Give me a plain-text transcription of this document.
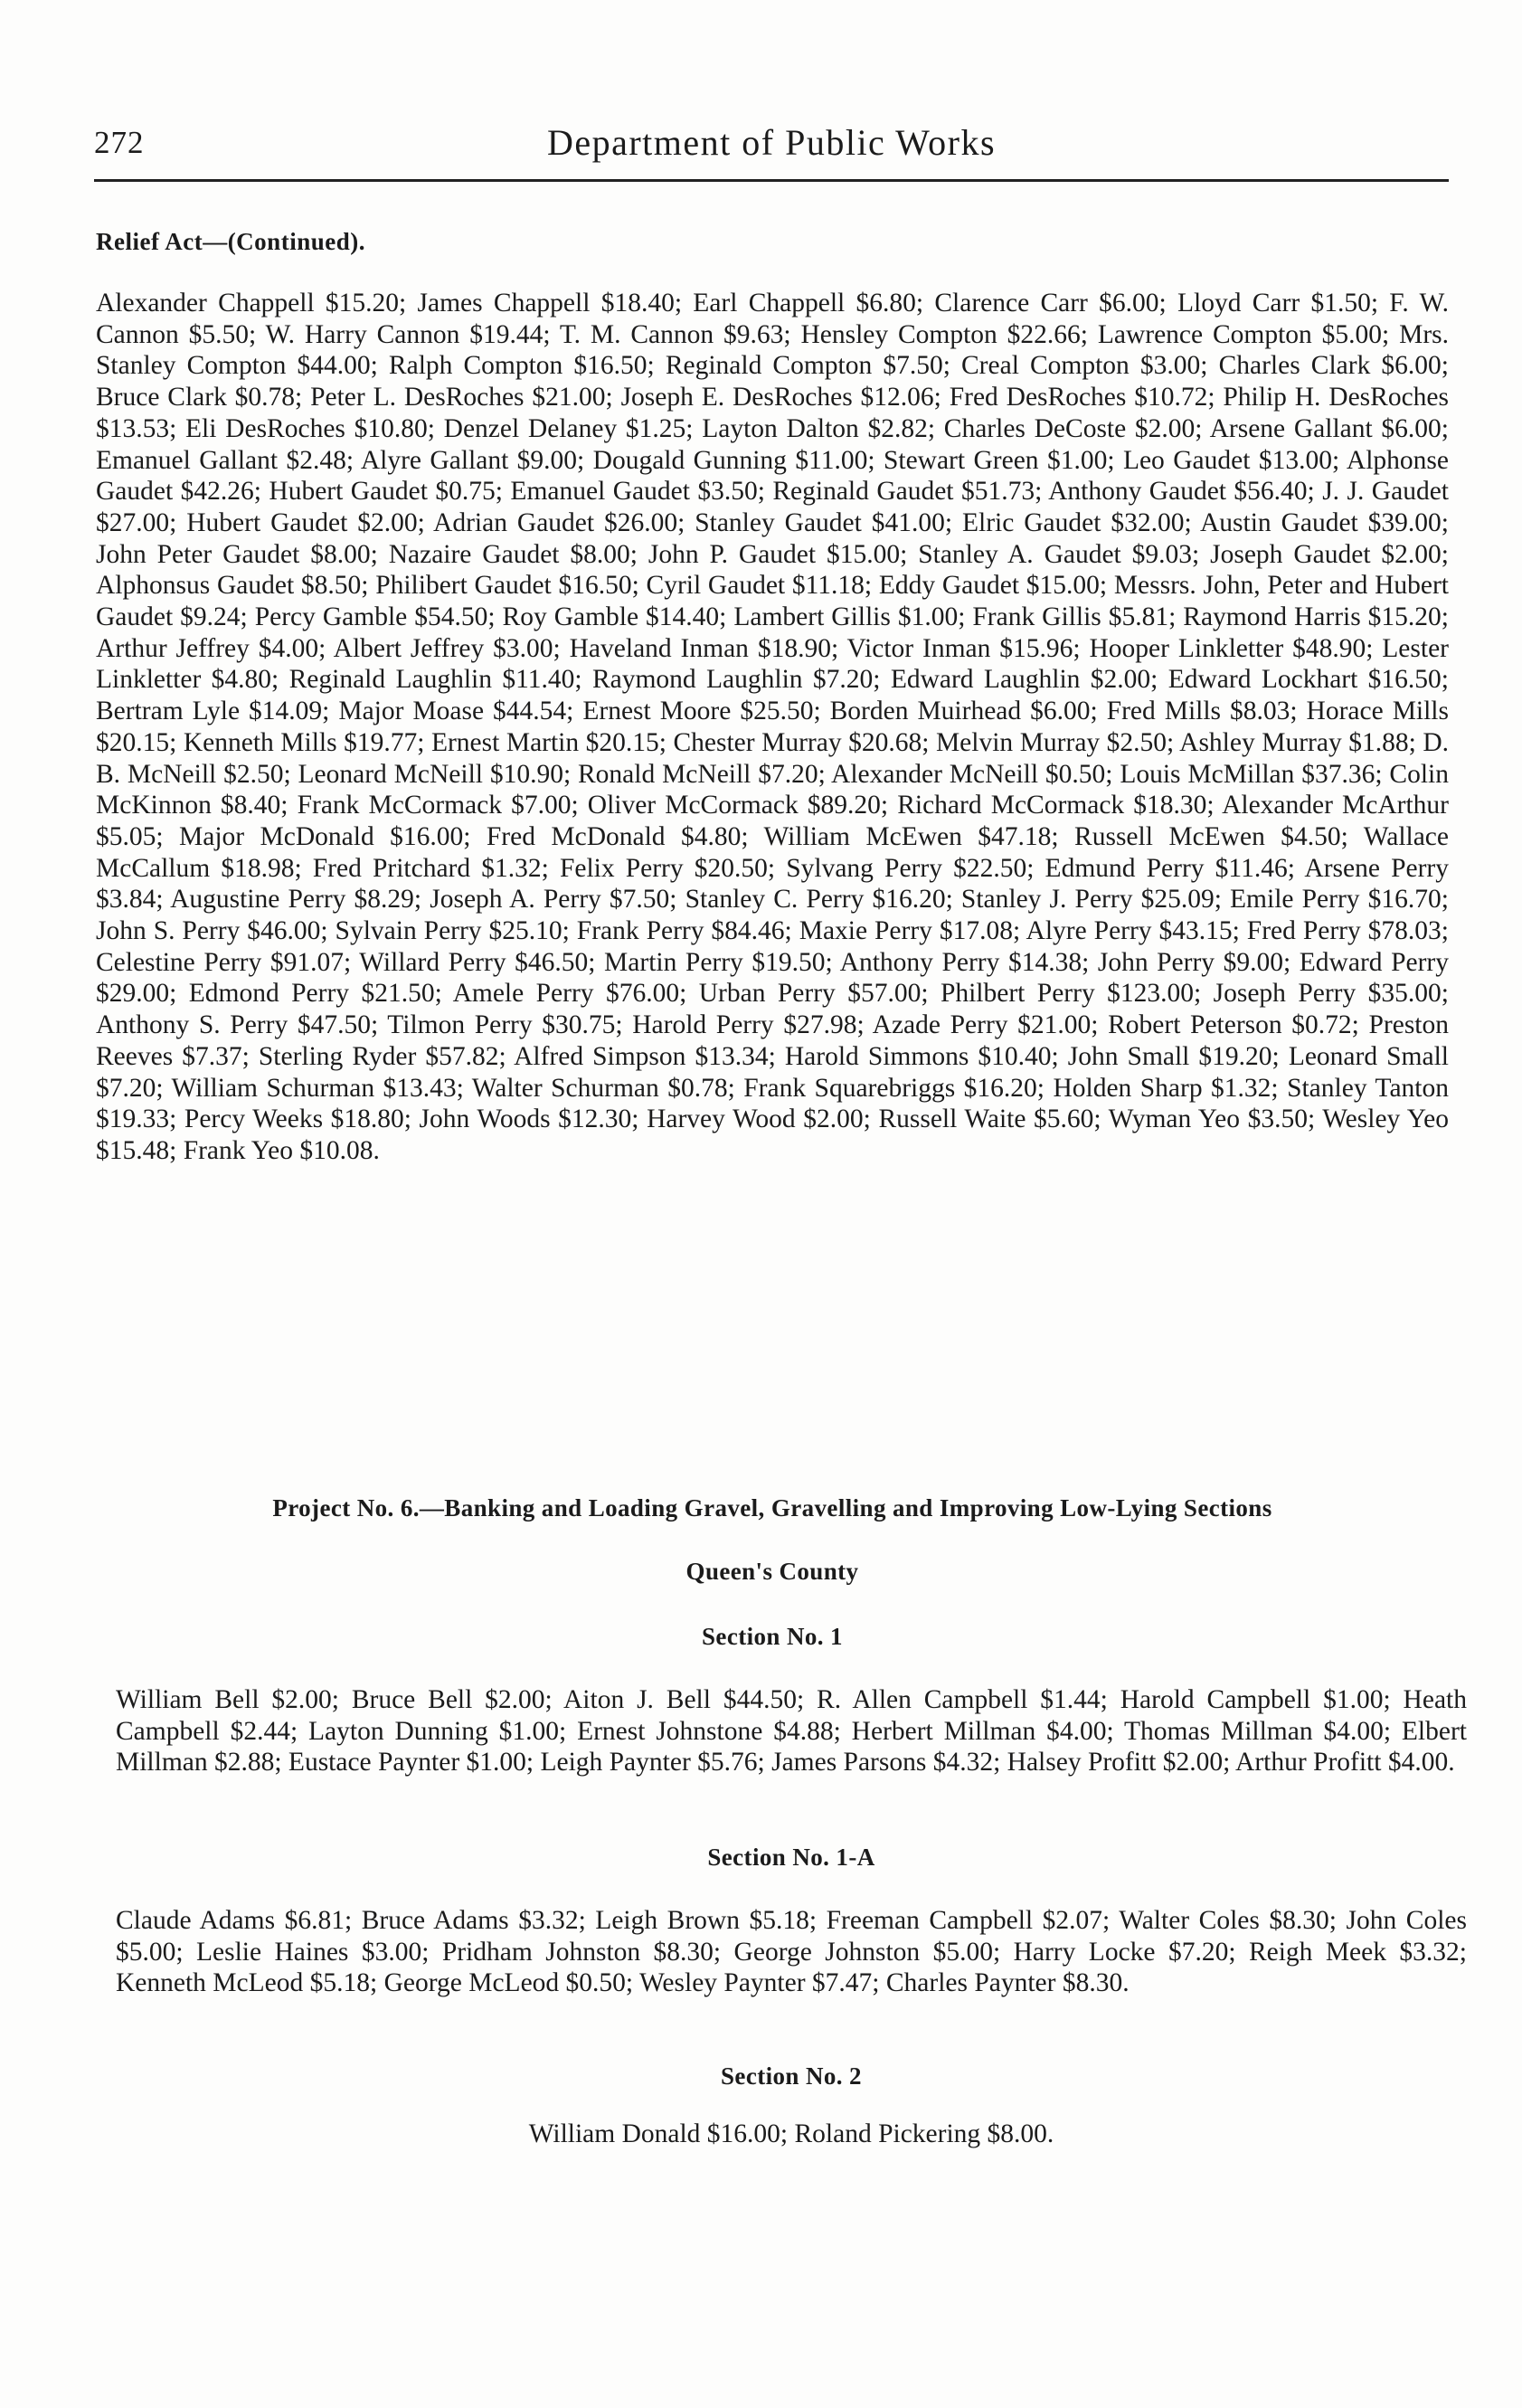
272	Department of Public Works
Relief Act—(Continued).

Alexander Chappell $15.20; James Chappell $18.40; Earl Chappell $6.80; Clarence Carr $6.00; Lloyd Carr $1.50; F. W. Cannon $5.50; W. Harry Cannon $19.44; T. M. Cannon $9.63; Hensley Compton $22.66; Lawrence Compton $5.00; Mrs. Stanley Compton $44.00; Ralph Compton $16.50; Reginald Compton $7.50; Creal Compton $3.00; Charles Clark $6.00; Bruce Clark $0.78; Peter L. DesRoches $21.00; Joseph E. DesRoches $12.06; Fred DesRoches $10.72; Philip H. DesRoches $13.53; Eli DesRoches $10.80; Denzel Delaney $1.25; Layton Dalton $2.82; Charles DeCoste $2.00; Arsene Gallant $6.00; Emanuel Gallant $2.48; Alyre Gallant $9.00; Dougald Gunning $11.00; Stewart Green $1.00; Leo Gaudet $13.00; Alphonse Gaudet $42.26; Hubert Gaudet $0.75; Emanuel Gaudet $3.50; Reginald Gaudet $51.73; Anthony Gaudet $56.40; J. J. Gaudet $27.00; Hubert Gaudet $2.00; Adrian Gaudet $26.00; Stanley Gaudet $41.00; Elric Gaudet $32.00; Austin Gaudet $39.00; John Peter Gaudet $8.00; Nazaire Gaudet $8.00; John P. Gaudet $15.00; Stanley A. Gaudet $9.03; Joseph Gaudet $2.00; Alphonsus Gaudet $8.50; Philibert Gaudet $16.50; Cyril Gaudet $11.18; Eddy Gaudet $15.00; Messrs. John, Peter and Hubert Gaudet $9.24; Percy Gamble $54.50; Roy Gamble $14.40; Lambert Gillis $1.00; Frank Gillis $5.81; Raymond Harris $15.20; Arthur Jeffrey $4.00; Albert Jeffrey $3.00; Haveland Inman $18.90; Victor Inman $15.96; Hooper Linkletter $48.90; Lester Linkletter $4.80; Reginald Laughlin $11.40; Raymond Laughlin $7.20; Edward Laughlin $2.00; Edward Lockhart $16.50; Bertram Lyle $14.09; Major Moase $44.54; Ernest Moore $25.50; Borden Muirhead $6.00; Fred Mills $8.03; Horace Mills $20.15; Kenneth Mills $19.77; Ernest Martin $20.15; Chester Murray $20.68; Melvin Murray $2.50; Ashley Murray $1.88; D. B. McNeill $2.50; Leonard McNeill $10.90; Ronald McNeill $7.20; Alexander McNeill $0.50; Louis McMillan $37.36; Colin McKinnon $8.40; Frank McCormack $7.00; Oliver McCormack $89.20; Richard McCormack $18.30; Alexander McArthur $5.05; Major McDonald $16.00; Fred McDonald $4.80; William McEwen $47.18; Russell McEwen $4.50; Wallace McCallum $18.98; Fred Pritchard $1.32; Felix Perry $20.50; Sylvang Perry $22.50; Edmund Perry $11.46; Arsene Perry $3.84; Augustine Perry $8.29; Joseph A. Perry $7.50; Stanley C. Perry $16.20; Stanley J. Perry $25.09; Emile Perry $16.70; John S. Perry $46.00; Sylvain Perry $25.10; Frank Perry $84.46; Maxie Perry $17.08; Alyre Perry $43.15; Fred Perry $78.03; Celestine Perry $91.07; Willard Perry $46.50; Martin Perry $19.50; Anthony Perry $14.38; John Perry $9.00; Edward Perry $29.00; Edmond Perry $21.50; Amele Perry $76.00; Urban Perry $57.00; Philbert Perry $123.00; Joseph Perry $35.00; Anthony S. Perry $47.50; Tilmon Perry $30.75; Harold Perry $27.98; Azade Perry $21.00; Robert Peterson $0.72; Preston Reeves $7.37; Sterling Ryder $57.82; Alfred Simpson $13.34; Harold Simmons $10.40; John Small $19.20; Leonard Small $7.20; William Schurman $13.43; Walter Schurman $0.78; Frank Squarebriggs $16.20; Holden Sharp $1.32; Stanley Tanton $19.33; Percy Weeks $18.80; John Woods $12.30; Harvey Wood $2.00; Russell Waite $5.60; Wyman Yeo $3.50; Wesley Yeo $15.48; Frank Yeo $10.08.

Project No. 6.—Banking and Loading Gravel, Gravelling and Improving Low-Lying Sections

Queen's County

Section No. 1

William Bell $2.00; Bruce Bell $2.00; Aiton J. Bell $44.50; R. Allen Campbell $1.44; Harold Campbell $1.00; Heath Campbell $2.44; Layton Dunning $1.00; Ernest Johnstone $4.88; Herbert Millman $4.00; Thomas Millman $4.00; Elbert Millman $2.88; Eustace Paynter $1.00; Leigh Paynter $5.76; James Parsons $4.32; Halsey Profitt $2.00; Arthur Profitt $4.00.

Section No. 1-A

Claude Adams $6.81; Bruce Adams $3.32; Leigh Brown $5.18; Freeman Campbell $2.07; Walter Coles $8.30; John Coles $5.00; Leslie Haines $3.00; Pridham Johnston $8.30; George Johnston $5.00; Harry Locke $7.20; Reigh Meek $3.32; Kenneth McLeod $5.18; George McLeod $0.50; Wesley Paynter $7.47; Charles Paynter $8.30.

Section No. 2

William Donald $16.00; Roland Pickering $8.00.
